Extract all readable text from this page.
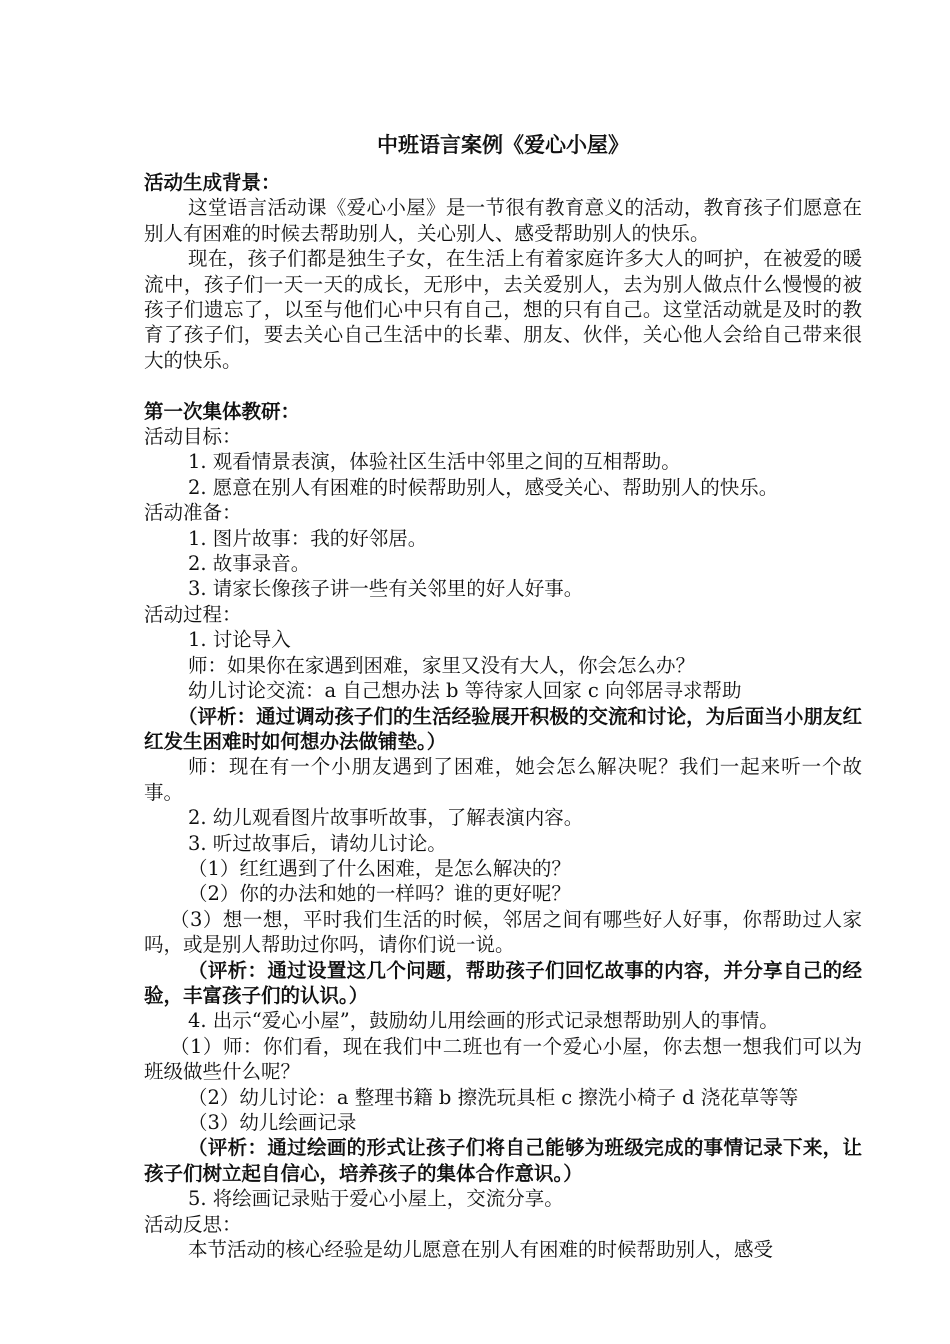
中班语言案例《爱心小屋》
活动生成背景：
这堂语言活动课《爱心小屋》是一节很有教育意义的活动，教育孩子们愿意在别人有困难的时候去帮助别人，关心别人、感受帮助别人的快乐。
现在，孩子们都是独生子女，在生活上有着家庭许多大人的呵护，在被爱的暖流中，孩子们一天一天的成长，无形中，去关爱别人，去为别人做点什么慢慢的被孩子们遗忘了，以至与他们心中只有自己，想的只有自己。这堂活动就是及时的教育了孩子们，要去关心自己生活中的长辈、朋友、伙伴，关心他人会给自己带来很大的快乐。
第一次集体教研：
活动目标：
1. 观看情景表演，体验社区生活中邻里之间的互相帮助。
2. 愿意在别人有困难的时候帮助别人，感受关心、帮助别人的快乐。
活动准备：
1. 图片故事：我的好邻居。
2. 故事录音。
3. 请家长像孩子讲一些有关邻里的好人好事。
活动过程：
1. 讨论导入
师：如果你在家遇到困难，家里又没有大人，你会怎么办？
幼儿讨论交流：a 自己想办法 b 等待家人回家 c 向邻居寻求帮助
（评析：通过调动孩子们的生活经验展开积极的交流和讨论，为后面当小朋友红红发生困难时如何想办法做铺垫。）
师：现在有一个小朋友遇到了困难，她会怎么解决呢？我们一起来听一个故事。
2. 幼儿观看图片故事听故事，了解表演内容。
3. 听过故事后，请幼儿讨论。
（1）红红遇到了什么困难，是怎么解决的？
（2）你的办法和她的一样吗？谁的更好呢？
（3）想一想，平时我们生活的时候，邻居之间有哪些好人好事，你帮助过人家吗，或是别人帮助过你吗，请你们说一说。
（评析：通过设置这几个问题，帮助孩子们回忆故事的内容，并分享自己的经验，丰富孩子们的认识。）
4. 出示“爱心小屋”，鼓励幼儿用绘画的形式记录想帮助别人的事情。
（1）师：你们看，现在我们中二班也有一个爱心小屋，你去想一想我们可以为班级做些什么呢？
（2）幼儿讨论：a 整理书籍 b 擦洗玩具柜 c 擦洗小椅子 d 浇花草等等
（3）幼儿绘画记录
（评析：通过绘画的形式让孩子们将自己能够为班级完成的事情记录下来，让孩子们树立起自信心，培养孩子的集体合作意识。）
5. 将绘画记录贴于爱心小屋上，交流分享。
活动反思：
本节活动的核心经验是幼儿愿意在别人有困难的时候帮助别人，感受
